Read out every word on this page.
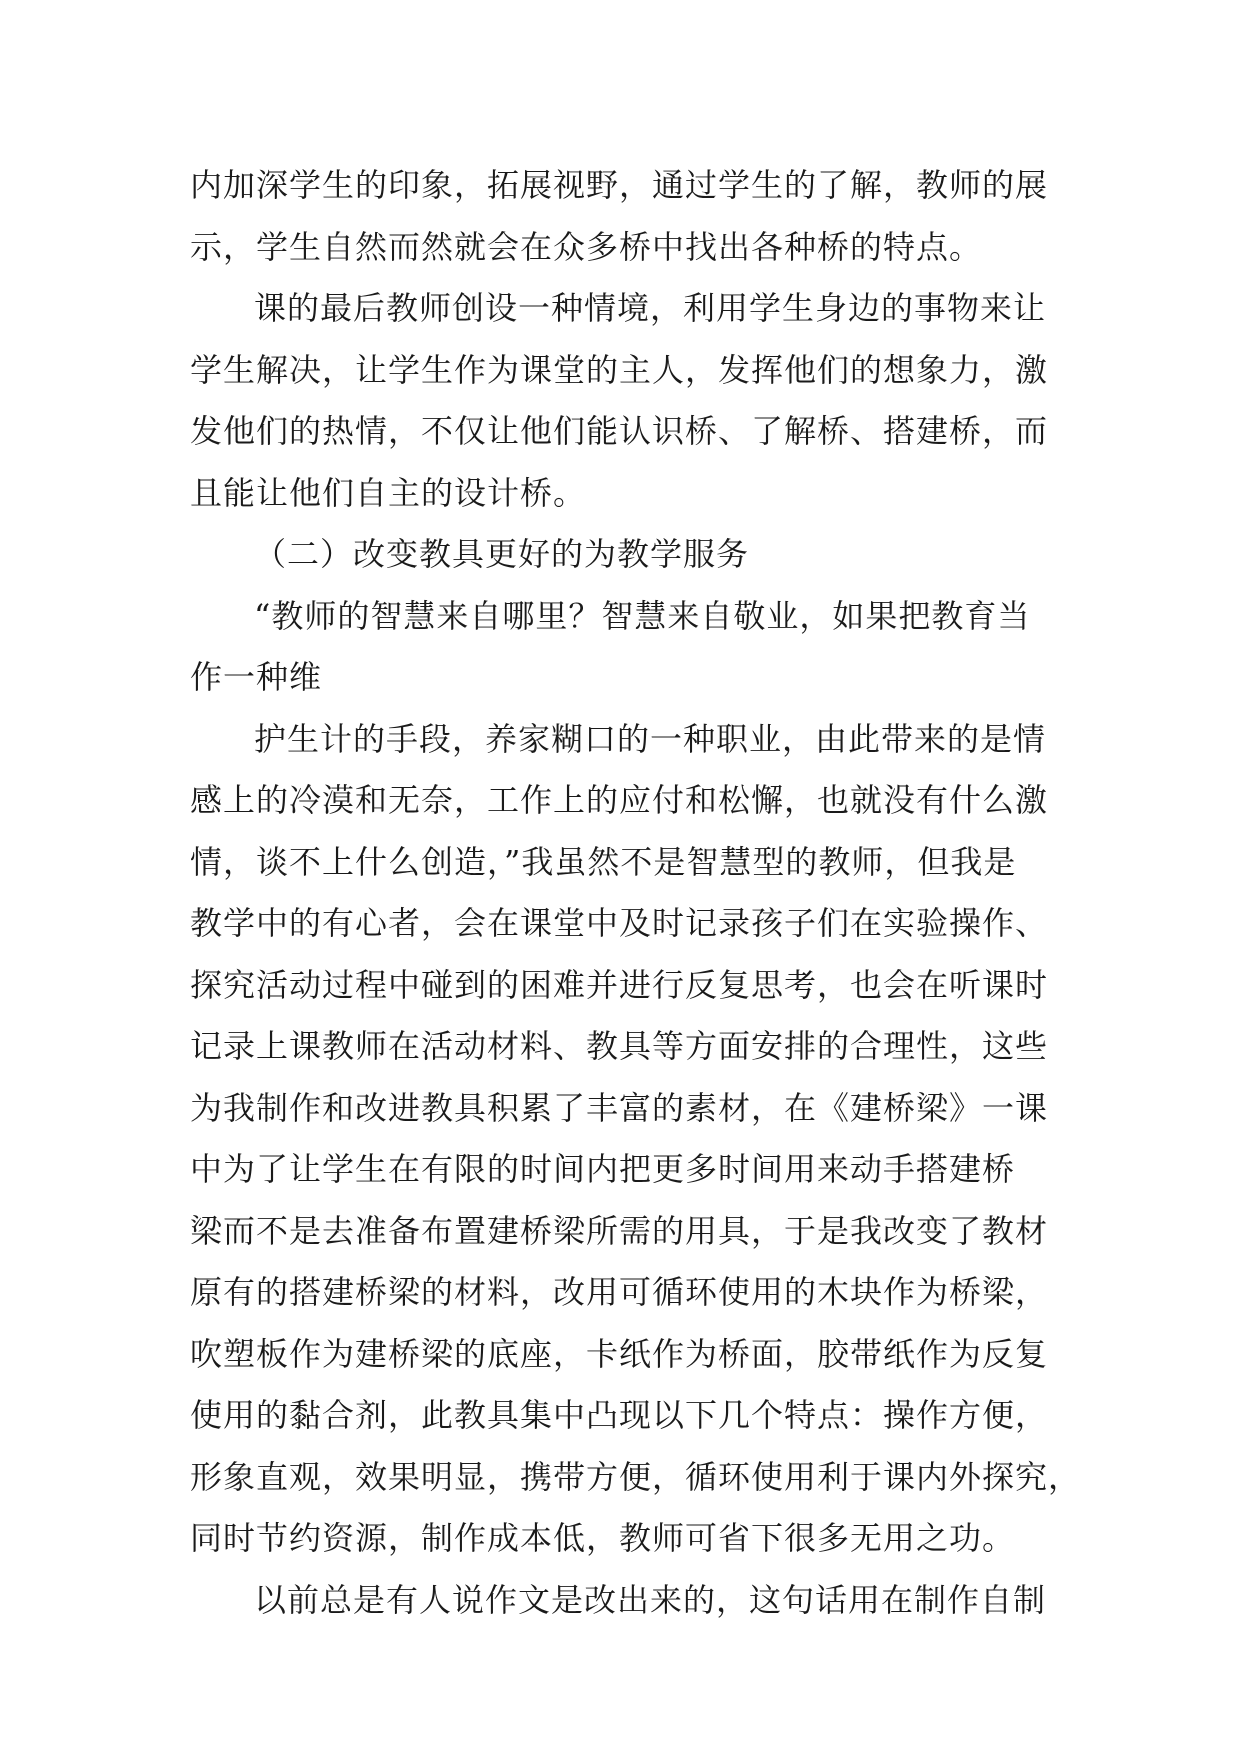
内加深学生的印象，拓展视野，通过学生的了解，教师的展
示，学生自然而然就会在众多桥中找出各种桥的特点。
课的最后教师创设一种情境，利用学生身边的事物来让
学生解决，让学生作为课堂的主人，发挥他们的想象力，激
发他们的热情，不仅让他们能认识桥、了解桥、搭建桥，而
且能让他们自主的设计桥。
（二）改变教具更好的为教学服务
“教师的智慧来自哪里？智慧来自敬业，如果把教育当
作一种维
护生计的手段，养家糊口的一种职业，由此带来的是情
感上的冷漠和无奈，工作上的应付和松懈，也就没有什么激
情，谈不上什么创造，”我虽然不是智慧型的教师，但我是
教学中的有心者，会在课堂中及时记录孩子们在实验操作、
探究活动过程中碰到的困难并进行反复思考，也会在听课时
记录上课教师在活动材料、教具等方面安排的合理性，这些
为我制作和改进教具积累了丰富的素材，在《建桥梁》一课
中为了让学生在有限的时间内把更多时间用来动手搭建桥
梁而不是去准备布置建桥梁所需的用具，于是我改变了教材
原有的搭建桥梁的材料，改用可循环使用的木块作为桥梁，
吹塑板作为建桥梁的底座，卡纸作为桥面，胶带纸作为反复
使用的黏合剂，此教具集中凸现以下几个特点：操作方便，
形象直观，效果明显，携带方便，循环使用利于课内外探究，
同时节约资源，制作成本低，教师可省下很多无用之功。
以前总是有人说作文是改出来的，这句话用在制作自制
